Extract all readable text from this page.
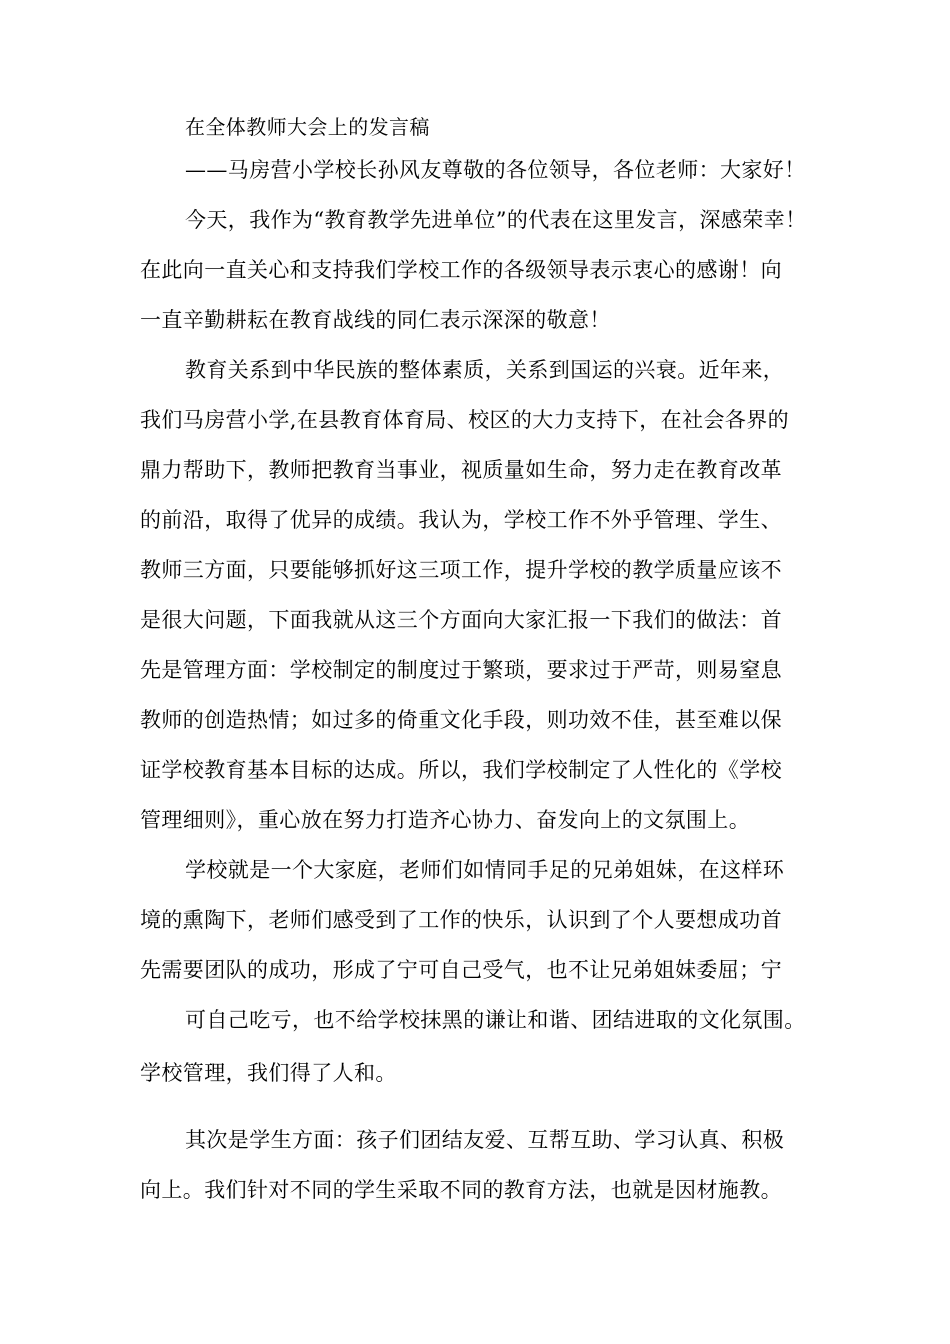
在全体教师大会上的发言稿
——马房营小学校长孙风友尊敬的各位领导，各位老师：大家好！
今天，我作为“教育教学先进单位”的代表在这里发言，深感荣幸！
在此向一直关心和支持我们学校工作的各级领导表示衷心的感谢！向
一直辛勤耕耘在教育战线的同仁表示深深的敬意！
教育关系到中华民族的整体素质，关系到国运的兴衰。近年来，
我们马房营小学,在县教育体育局、校区的大力支持下，在社会各界的
鼎力帮助下，教师把教育当事业，视质量如生命，努力走在教育改革
的前沿，取得了优异的成绩。我认为，学校工作不外乎管理、学生、
教师三方面，只要能够抓好这三项工作，提升学校的教学质量应该不
是很大问题，下面我就从这三个方面向大家汇报一下我们的做法：首
先是管理方面：学校制定的制度过于繁琐，要求过于严苛，则易窒息
教师的创造热情；如过多的倚重文化手段，则功效不佳，甚至难以保
证学校教育基本目标的达成。所以，我们学校制定了人性化的《学校
管理细则》，重心放在努力打造齐心协力、奋发向上的文氛围上。
学校就是一个大家庭，老师们如情同手足的兄弟姐妹，在这样环
境的熏陶下，老师们感受到了工作的快乐，认识到了个人要想成功首
先需要团队的成功，形成了宁可自己受气，也不让兄弟姐妹委屈；宁
可自己吃亏，也不给学校抹黑的谦让和谐、团结进取的文化氛围。
学校管理，我们得了人和。
其次是学生方面：孩子们团结友爱、互帮互助、学习认真、积极
向上。我们针对不同的学生采取不同的教育方法，也就是因材施教。
